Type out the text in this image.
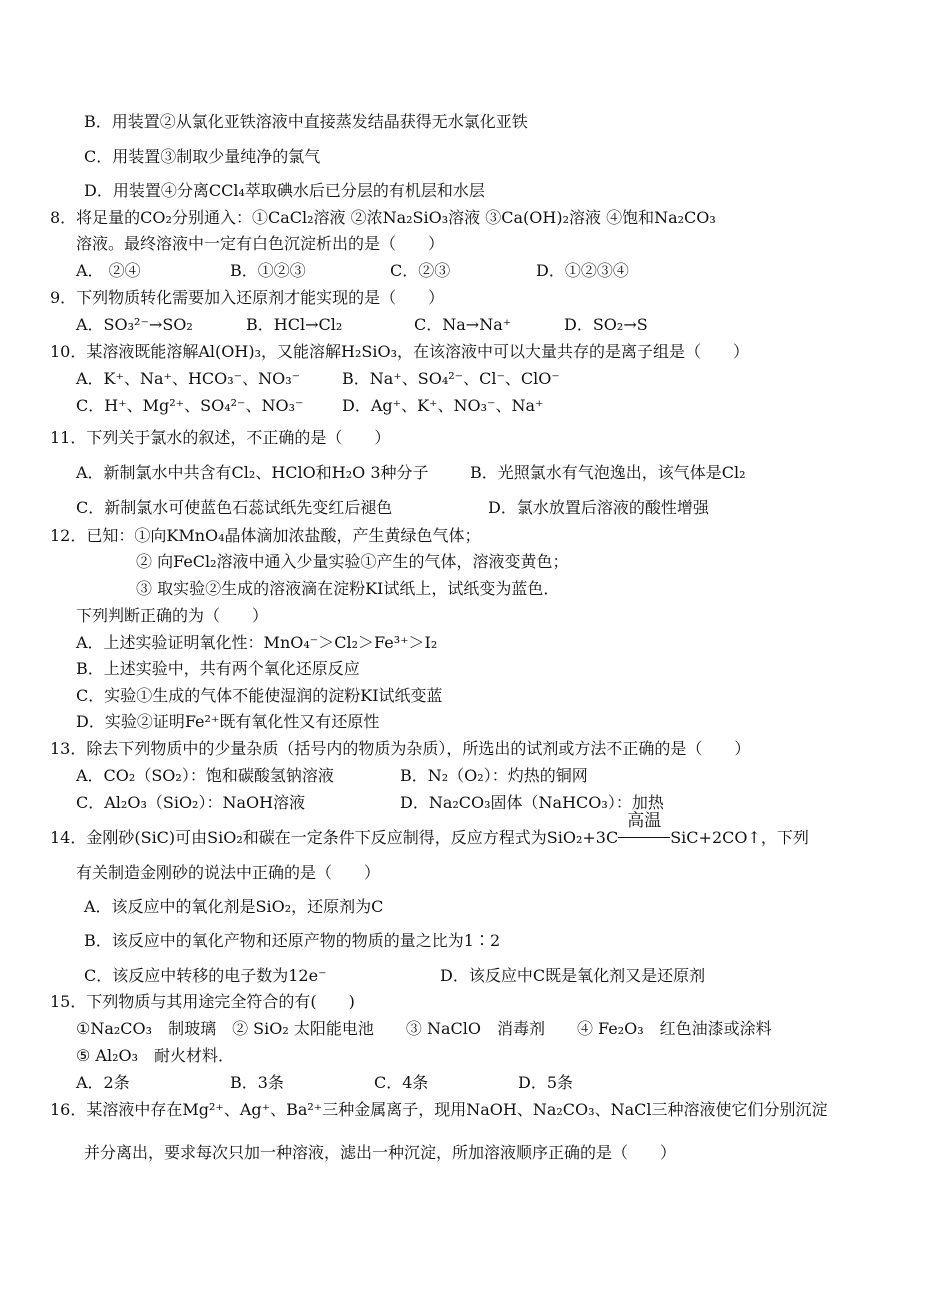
B．用装置②从氯化亚铁溶液中直接蒸发结晶获得无水氯化亚铁
C．用装置③制取少量纯净的氯气
D．用装置④分离CCl₄萃取碘水后已分层的有机层和水层
8．将足量的CO₂分别通入：①CaCl₂溶液 ②浓Na₂SiO₃溶液 ③Ca(OH)₂溶液 ④饱和Na₂CO₃
溶液。最终溶液中一定有白色沉淀析出的是（　　）
A． ②④	B．①②③	C．②③	D．①②③④
9．下列物质转化需要加入还原剂才能实现的是（　　）
A．SO₃²⁻→SO₂	B．HCl→Cl₂	C．Na→Na⁺	D．SO₂→S
10．某溶液既能溶解Al(OH)₃，又能溶解H₂SiO₃，在该溶液中可以大量共存的是离子组是（　　）
A．K⁺、Na⁺、HCO₃⁻、NO₃⁻	B．Na⁺、SO₄²⁻、Cl⁻、ClO⁻
C．H⁺、Mg²⁺、SO₄²⁻、NO₃⁻ D．Ag⁺、K⁺、NO₃⁻、Na⁺
11．下列关于氯水的叙述，不正确的是（　　）
A．新制氯水中共含有Cl₂、HClO和H₂O 3种分子	B．光照氯水有气泡逸出，该气体是Cl₂
C．新制氯水可使蓝色石蕊试纸先变红后褪色	D．氯水放置后溶液的酸性增强
12．已知：①向KMnO₄晶体滴加浓盐酸，产生黄绿色气体；
② 向FeCl₂溶液中通入少量实验①产生的气体，溶液变黄色；
③ 取实验②生成的溶液滴在淀粉KI试纸上，试纸变为蓝色．
下列判断正确的为（　　）
A．上述实验证明氧化性：MnO₄⁻＞Cl₂＞Fe³⁺＞I₂
B．上述实验中，共有两个氧化还原反应
C．实验①生成的气体不能使湿润的淀粉KI试纸变蓝
D．实验②证明Fe²⁺既有氧化性又有还原性
13．除去下列物质中的少量杂质（括号内的物质为杂质），所选出的试剂或方法不正确的是（　　）
A．CO₂（SO₂）：饱和碳酸氢钠溶液	B．N₂（O₂）：灼热的铜网
C．Al₂O₃（SiO₂）：NaOH溶液	D．Na₂CO₃固体（NaHCO₃）：加热
14．金刚砂(SiC)可由SiO₂和碳在一定条件下反应制得，反应方程式为SiO₂+3C
高温
SiC+2CO↑，下列
有关制造金刚砂的说法中正确的是（　　）
A．该反应中的氧化剂是SiO₂，还原剂为C
B．该反应中的氧化产物和还原产物的物质的量之比为1∶2
C．该反应中转移的电子数为12e⁻	D．该反应中C既是氧化剂又是还原剂
15．下列物质与其用途完全符合的有(　　)
①Na₂CO₃　制玻璃　② SiO₂ 太阳能电池　　③ NaClO　消毒剂　　④ Fe₂O₃　红色油漆或涂料
⑤ Al₂O₃　耐火材料．
A．2条	B．3条	C．4条	D．5条
16．某溶液中存在Mg²⁺、Ag⁺、Ba²⁺三种金属离子，现用NaOH、Na₂CO₃、NaCl三种溶液使它们分别沉淀
并分离出，要求每次只加一种溶液，滤出一种沉淀，所加溶液顺序正确的是（　　）
